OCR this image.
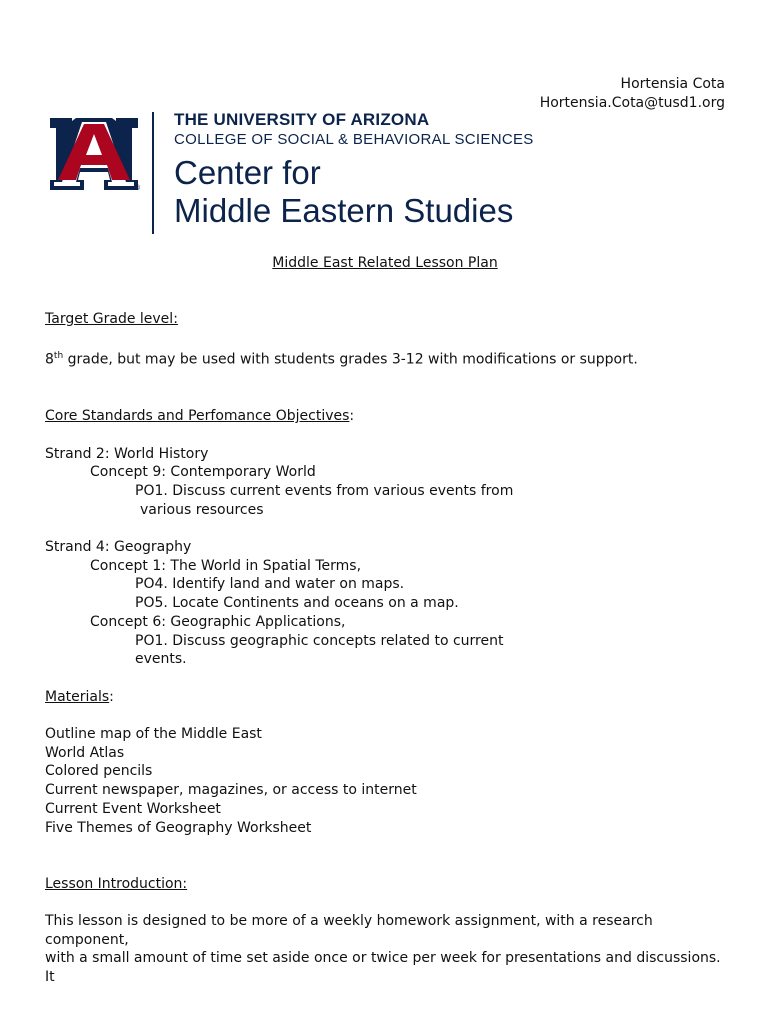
Hortensia Cota
Hortensia.Cota@tusd1.org
®
THE UNIVERSITY OF ARIZONA
COLLEGE OF SOCIAL & BEHAVIORAL SCIENCES
Center for
Middle Eastern Studies
Middle East Related Lesson Plan
Target Grade level:
8th grade, but may be used with students grades 3-12 with modifications or support.
Core Standards and Perfomance Objectives:
Strand 2: World History
Concept 9: Contemporary World
PO1. Discuss current events from various events from
various resources
Strand 4: Geography
Concept 1: The World in Spatial Terms,
PO4. Identify land and water on maps.
PO5. Locate Continents and oceans on a map.
Concept 6: Geographic Applications,
PO1. Discuss geographic concepts related to current
events.
Materials:
Outline map of the Middle East
World Atlas
Colored pencils
Current newspaper, magazines, or access to internet
Current Event Worksheet
Five Themes of Geography Worksheet
Lesson Introduction:
This lesson is designed to be more of a weekly homework assignment, with a research component,
with a small amount of time set aside once or twice per week for presentations and discussions. It
